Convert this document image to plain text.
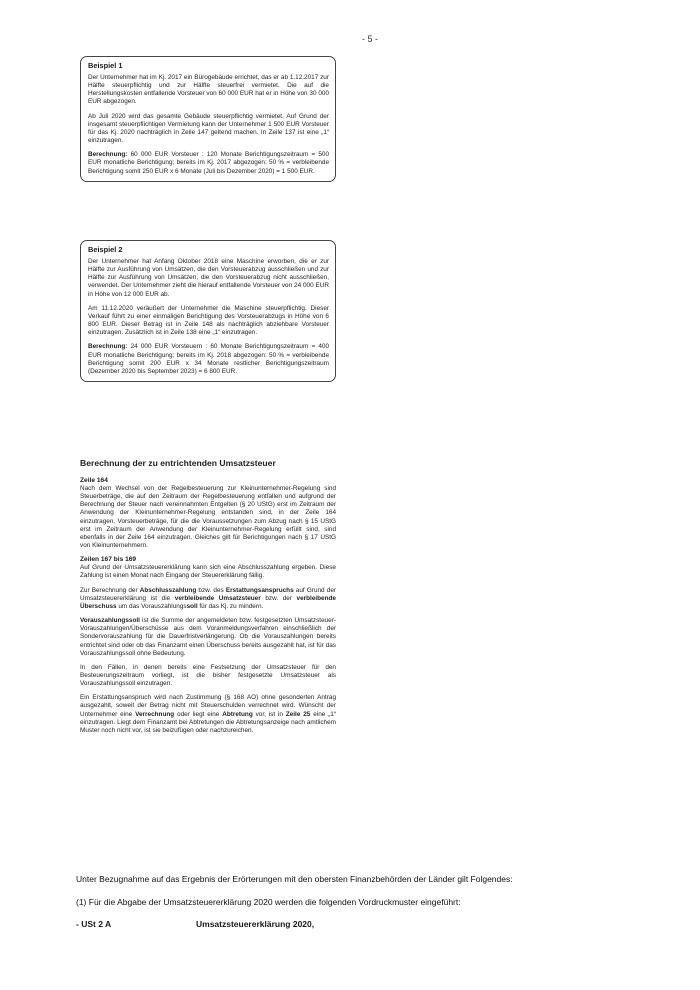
- 5 -
Beispiel 1

Der Unternehmer hat im Kj. 2017 ein Bürogebäude errichtet, das er ab 1.12.2017 zur Hälfte steuerpflichtig und zur Hälfte steuerfrei vermietet. Die auf die Herstellungskosten entfallende Vorsteuer von 60 000 EUR hat er in Höhe von 30 000 EUR abgezogen.

Ab Juli 2020 wird das gesamte Gebäude steuerpflichtig vermietet. Auf Grund der insgesamt steuerpflichtigen Vermietung kann der Unternehmer 1 500 EUR Vorsteuer für das Kj. 2020 nachträglich in Zeile 147 geltend machen. In Zeile 137 ist eine „1“ einzutragen.

Berechnung: 60 000 EUR Vorsteuer : 120 Monate Berichtigungszeitraum = 500 EUR monatliche Berichtigung; bereits im Kj. 2017 abgezogen: 50 % = verbleibende Berichtigung somit 250 EUR x 6 Monate (Juli bis Dezember 2020) = 1 500 EUR.

Beispiel 2

Der Unternehmer hat Anfang Oktober 2018 eine Maschine erworben, die er zur Hälfte zur Ausführung von Umsätzen, die den Vorsteuerabzug ausschließen und zur Hälfte zur Ausführung von Umsätzen, die den Vorsteuerabzug nicht ausschließen, verwendet. Der Unternehmer zieht die hierauf entfallende Vorsteuer von 24 000 EUR in Höhe von 12 000 EUR ab.

Am 11.12.2020 veräußert der Unternehmer die Maschine steuerpflichtig. Dieser Verkauf führt zu einer einmaligen Berichtigung des Vorsteuerabzugs in Höhe von 6 800 EUR. Dieser Betrag ist in Zeile 148 als nachträglich abziehbare Vorsteuer einzutragen. Zusätzlich ist in Zeile 138 eine „1“ einzutragen.

Berechnung: 24 000 EUR Vorsteuern : 60 Monate Berichtigungszeitraum = 400 EUR monatliche Berichtigung; bereits im Kj. 2018 abgezogen: 50 % = verbleibende Berichtigung somit 200 EUR x 34 Monate restlicher Berichtigungszeitraum (Dezember 2020 bis September 2023) = 6 800 EUR.

Berechnung der zu entrichtenden Umsatzsteuer
Zeile 164

Nach dem Wechsel von der Regelbesteuerung zur Kleinunternehmer-Regelung sind Steuerbeträge, die auf den Zeitraum der Regelbesteuerung entfallen und aufgrund der Berechnung der Steuer nach vereinnahmten Entgelten (§ 20 UStG) erst im Zeitraum der Anwendung der Kleinunternehmer-Regelung entstanden sind, in der Zeile 164 einzutragen. Vorsteuerbeträge, für die die Voraussetzungen zum Abzug nach § 15 UStG erst im Zeitraum der Anwendung der Kleinunternehmer-Regelung erfüllt sind, sind ebenfalls in der Zeile 164 einzutragen. Gleiches gilt für Berichtigungen nach § 17 UStG von Kleinunternehmern.

Zeilen 167 bis 169

Auf Grund der Umsatzsteuererklärung kann sich eine Abschlusszahlung ergeben. Diese Zahlung ist einen Monat nach Eingang der Steuererklärung fällig.

Zur Berechnung der Abschlusszahlung bzw. des Erstattungsanspruchs auf Grund der Umsatzsteuererklärung ist die verbleibende Umsatzsteuer bzw. der verbleibende Überschuss um das Vorauszahlungssoll für das Kj. zu mindern.

Vorauszahlungssoll ist die Summe der angemeldeten bzw. festgesetzten Umsatzsteuer-Vorauszahlungen/Überschüsse aus dem Voranmeldungsverfahren einschließlich der Sondervorauszahlung für die Dauerfristverlängerung. Ob die Vorauszahlungen bereits entrichtet sind oder ob das Finanzamt einen Überschuss bereits ausgezahlt hat, ist für das Vorauszahlungssoll ohne Bedeutung.

In den Fällen, in denen bereits eine Festsetzung der Umsatzsteuer für den Besteuerungszeitraum vorliegt, ist die bisher festgesetzte Umsatzsteuer als Vorauszahlungssoll einzutragen.

Ein Erstattungsanspruch wird nach Zustimmung (§ 168 AO) ohne gesonderten Antrag ausgezahlt, soweit der Betrag nicht mit Steuerschulden verrechnet wird. Wünscht der Unternehmer eine Verrechnung oder liegt eine Abtretung vor, ist in Zeile 25 eine „1“ einzutragen. Liegt dem Finanzamt bei Abtretungen die Abtretungsanzeige nach amtlichem Muster noch nicht vor, ist sie beizufügen oder nachzureichen.

Unter Bezugnahme auf das Ergebnis der Erörterungen mit den obersten Finanzbehörden der Länder gilt Folgendes:
(1) Für die Abgabe der Umsatzsteuererklärung 2020 werden die folgenden Vordruckmuster eingeführt:
- USt 2 A	Umsatzsteuererklärung 2020,
